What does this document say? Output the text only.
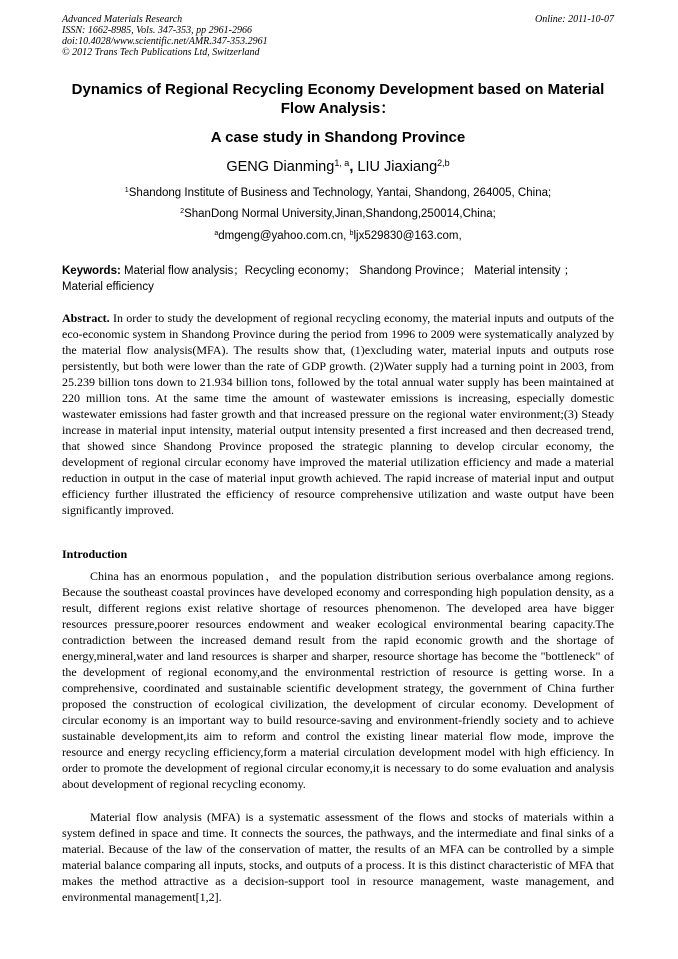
Advanced Materials Research
ISSN: 1662-8985, Vols. 347-353, pp 2961-2966
doi:10.4028/www.scientific.net/AMR.347-353.2961
© 2012 Trans Tech Publications Ltd, Switzerland
Online: 2011-10-07
Dynamics of Regional Recycling Economy Development based on Material Flow Analysis：
A case study in Shandong Province
GENG Dianming$^{1, a}$, LIU Jiaxiang$^{2,b}$
$^1$Shandong Institute of Business and Technology, Yantai, Shandong, 264005, China;
$^2$ShanDong Normal University,Jinan,Shandong,250014,China;
$^a$dmgeng@yahoo.com.cn, $^b$ljx529830@163.com,
Keywords: Material flow analysis；Recycling economy； Shandong Province； Material intensity ；Material efficiency
Abstract. In order to study the development of regional recycling economy, the material inputs and outputs of the eco-economic system in Shandong Province during the period from 1996 to 2009 were systematically analyzed by the material flow analysis(MFA). The results show that, (1)excluding water, material inputs and outputs rose persistently, but both were lower than the rate of GDP growth. (2)Water supply had a turning point in 2003, from 25.239 billion tons down to 21.934 billion tons, followed by the total annual water supply has been maintained at 220 million tons. At the same time the amount of wastewater emissions is increasing, especially domestic wastewater emissions had faster growth and that increased pressure on the regional water environment;(3) Steady increase in material input intensity, material output intensity presented a first increased and then decreased trend, that showed since Shandong Province proposed the strategic planning to develop circular economy, the development of regional circular economy have improved the material utilization efficiency and made a material reduction in output in the case of material input growth achieved. The rapid increase of material input and output efficiency further illustrated the efficiency of resource comprehensive utilization and waste output have been significantly improved.
Introduction
China has an enormous population，and the population distribution serious overbalance among regions. Because the southeast coastal provinces have developed economy and corresponding high population density, as a result, different regions exist relative shortage of resources phenomenon. The developed area have bigger resources pressure,poorer resources endowment and weaker ecological environmental bearing capacity.The contradiction between the increased demand result from the rapid economic growth and the shortage of energy,mineral,water and land resources is sharper and sharper, resource shortage has become the "bottleneck" of the development of regional economy,and the environmental restriction of resource is getting worse. In a comprehensive, coordinated and sustainable scientific development strategy, the government of China further proposed the construction of ecological civilization, the development of circular economy. Development of circular economy is an important way to build resource-saving and environment-friendly society and to achieve sustainable development,its aim to reform and control the existing linear material flow mode, improve the resource and energy recycling efficiency,form a material circulation development model with high efficiency. In order to promote the development of regional circular economy,it is necessary to do some evaluation and analysis about development of regional recycling economy.
Material flow analysis (MFA) is a systematic assessment of the flows and stocks of materials within a system defined in space and time. It connects the sources, the pathways, and the intermediate and final sinks of a material. Because of the law of the conservation of matter, the results of an MFA can be controlled by a simple material balance comparing all inputs, stocks, and outputs of a process. It is this distinct characteristic of MFA that makes the method attractive as a decision-support tool in resource management, waste management, and environmental management[1,2].
